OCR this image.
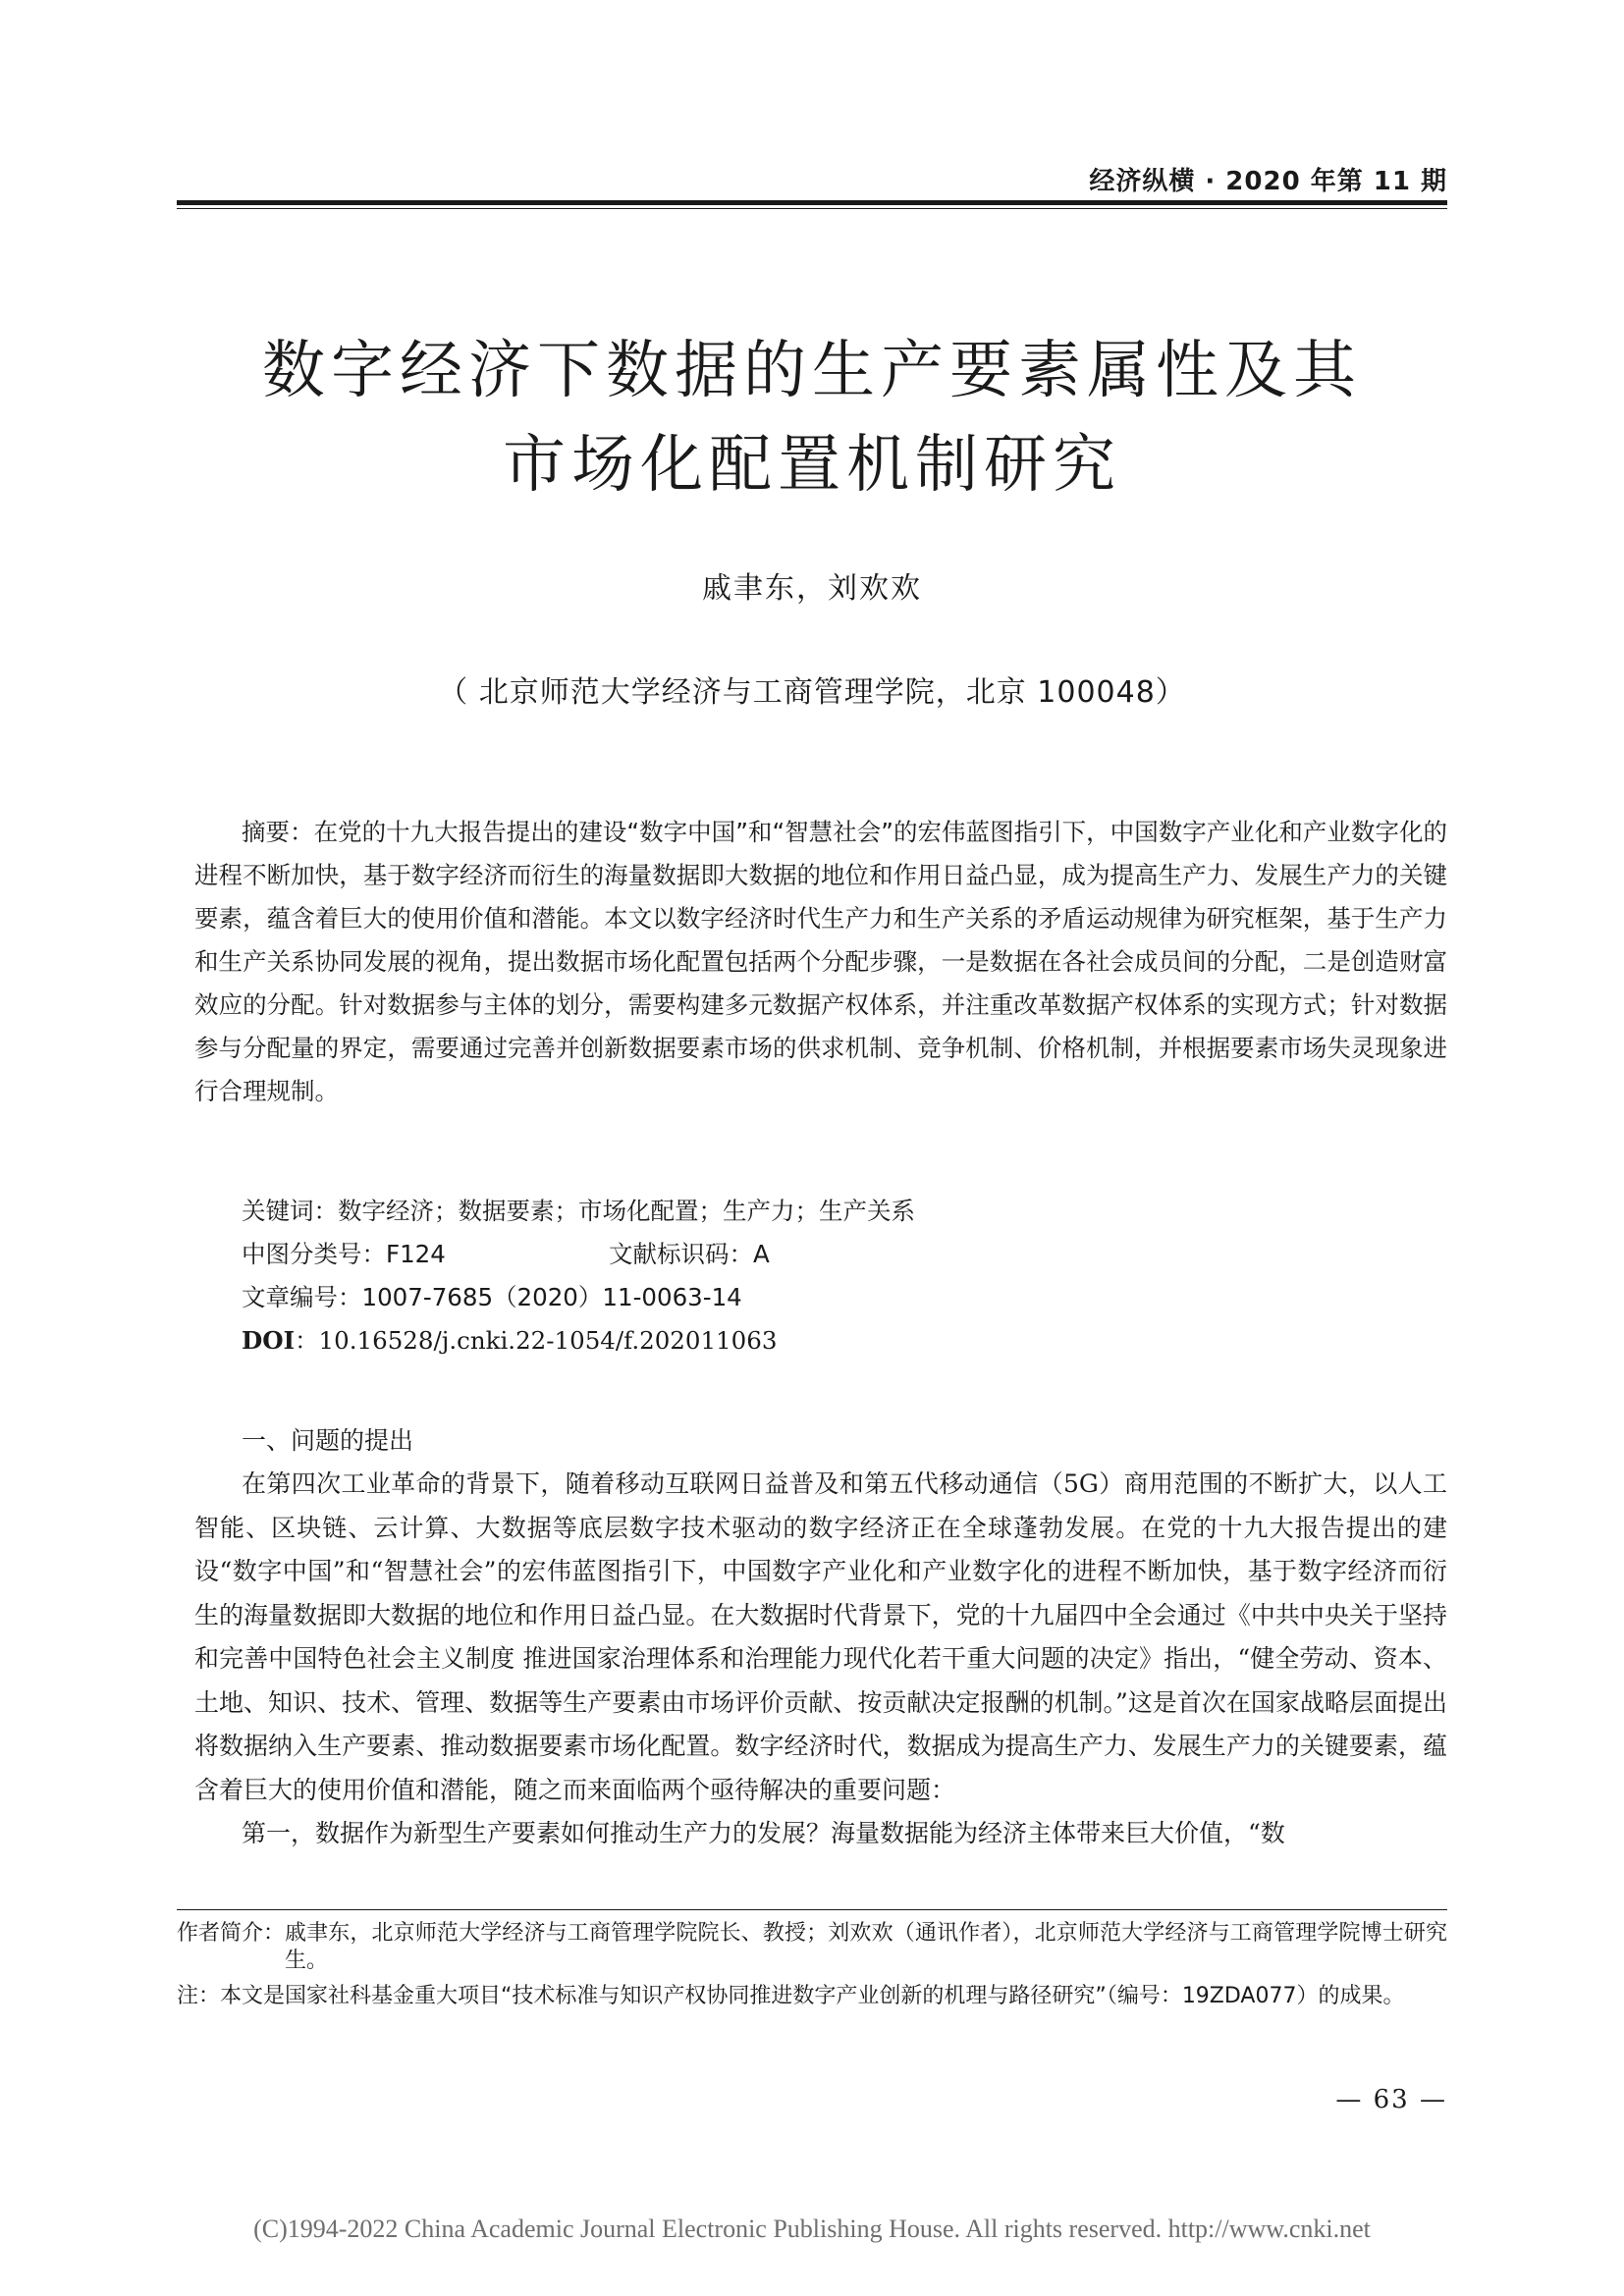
经济纵横 · 2020 年第 11 期
数字经济下数据的生产要素属性及其
市场化配置机制研究
戚聿东，刘欢欢
（ 北京师范大学经济与工商管理学院，北京 100048）

摘要：在党的十九大报告提出的建设“数字中国”和“智慧社会”的宏伟蓝图指引下，中国数字产业化和产业数字化的进程不断加快，基于数字经济而衍生的海量数据即大数据的地位和作用日益凸显，成为提高生产力、发展生产力的关键要素，蕴含着巨大的使用价值和潜能。本文以数字经济时代生产力和生产关系的矛盾运动规律为研究框架，基于生产力和生产关系协同发展的视角，提出数据市场化配置包括两个分配步骤，一是数据在各社会成员间的分配，二是创造财富效应的分配。针对数据参与主体的划分，需要构建多元数据产权体系，并注重改革数据产权体系的实现方式；针对数据参与分配量的界定，需要通过完善并创新数据要素市场的供求机制、竞争机制、价格机制，并根据要素市场失灵现象进行合理规制。

关键词：数字经济；数据要素；市场化配置；生产力；生产关系
中图分类号：F124	文献标识码：A
文章编号：1007-7685（2020）11-0063-14
DOI：10.16528/j.cnki.22-1054/f.202011063
一、问题的提出

在第四次工业革命的背景下，随着移动互联网日益普及和第五代移动通信（5G）商用范围的不断扩大，以人工智能、区块链、云计算、大数据等底层数字技术驱动的数字经济正在全球蓬勃发展。在党的十九大报告提出的建设“数字中国”和“智慧社会”的宏伟蓝图指引下，中国数字产业化和产业数字化的进程不断加快，基于数字经济而衍生的海量数据即大数据的地位和作用日益凸显。在大数据时代背景下，党的十九届四中全会通过《中共中央关于坚持和完善中国特色社会主义制度 推进国家治理体系和治理能力现代化若干重大问题的决定》指出，“健全劳动、资本、土地、知识、技术、管理、数据等生产要素由市场评价贡献、按贡献决定报酬的机制。”这是首次在国家战略层面提出将数据纳入生产要素、推动数据要素市场化配置。数字经济时代，数据成为提高生产力、发展生产力的关键要素，蕴含着巨大的使用价值和潜能，随之而来面临两个亟待解决的重要问题：

第一，数据作为新型生产要素如何推动生产力的发展？海量数据能为经济主体带来巨大价值，“数

作者简介： 戚聿东，北京师范大学经济与工商管理学院院长、教授；刘欢欢（通讯作者），北京师范大学经济与工商管理学院博士研究生。
注： 本文是国家社科基金重大项目“技术标准与知识产权协同推进数字产业创新的机理与路径研究”（编号：19ZDA077）的成果。
— 63 —
(C)1994-2022 China Academic Journal Electronic Publishing House. All rights reserved. http://www.cnki.net
